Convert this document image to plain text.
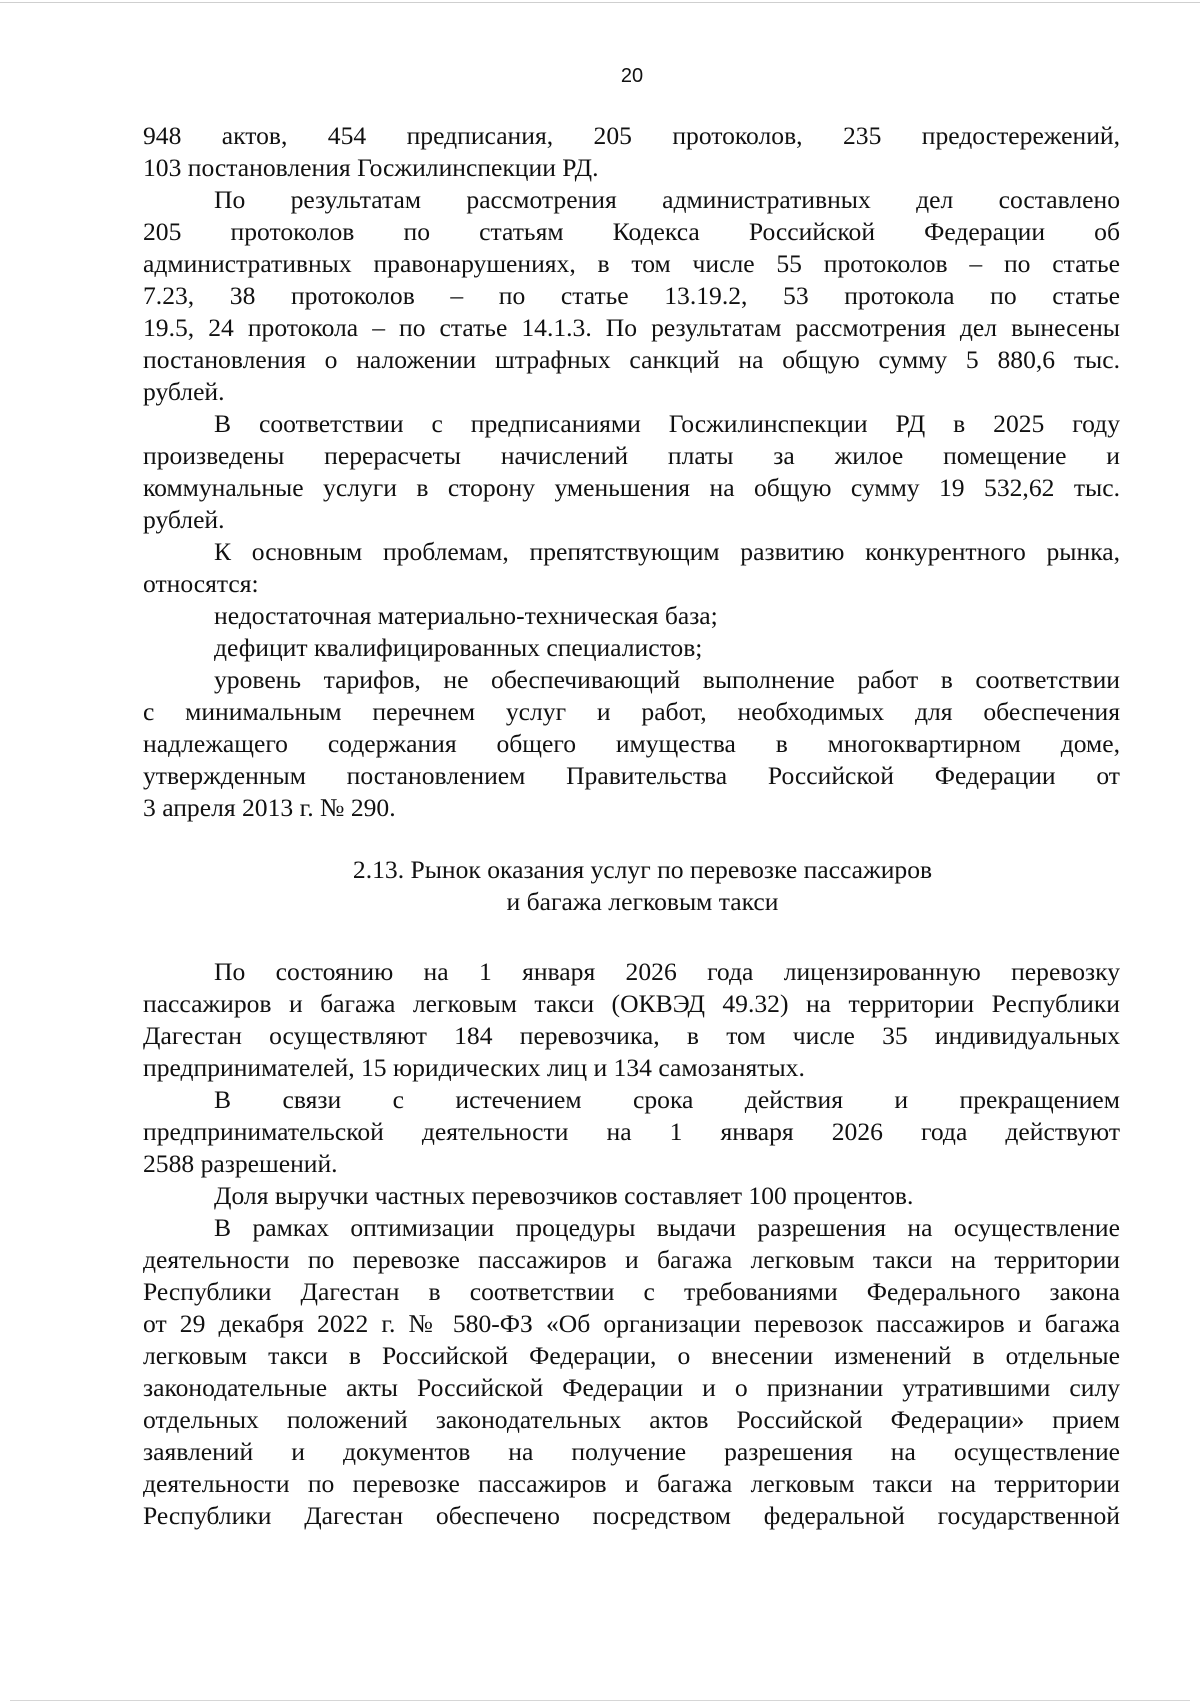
20

948 актов, 454 предписания, 205 протоколов, 235 предостережений,

103 постановления Госжилинспекции РД.

По результатам рассмотрения административных дел составлено

205 протоколов по статьям Кодекса Российской Федерации об

административных правонарушениях, в том числе 55 протоколов – по статье

7.23, 38 протоколов – по статье 13.19.2, 53 протокола по статье

19.5, 24 протокола – по статье 14.1.3. По результатам рассмотрения дел вынесены

постановления о наложении штрафных санкций на общую сумму 5 880,6 тыс.

рублей.

В соответствии с предписаниями Госжилинспекции РД в 2025 году

произведены перерасчеты начислений платы за жилое помещение и

коммунальные услуги в сторону уменьшения на общую сумму 19 532,62 тыс.

рублей.

К основным проблемам, препятствующим развитию конкурентного рынка,

относятся:

недостаточная материально-техническая база;

дефицит квалифицированных специалистов;

уровень тарифов, не обеспечивающий выполнение работ в соответствии

с минимальным перечнем услуг и работ, необходимых для обеспечения

надлежащего содержания общего имущества в многоквартирном доме,

утвержденным постановлением Правительства Российской Федерации от

3 апреля 2013 г. № 290.

2.13. Рынок оказания услуг по перевозке пассажиров
и багажа легковым такси

По состоянию на 1 января 2026 года лицензированную перевозку

пассажиров и багажа легковым такси (ОКВЭД 49.32) на территории Республики

Дагестан осуществляют 184 перевозчика, в том числе 35 индивидуальных

предпринимателей, 15 юридических лиц и 134 самозанятых.

В связи с истечением срока действия и прекращением

предпринимательской деятельности на 1 января 2026 года действуют

2588 разрешений.

Доля выручки частных перевозчиков составляет 100 процентов.

В рамках оптимизации процедуры выдачи разрешения на осуществление

деятельности по перевозке пассажиров и багажа легковым такси на территории

Республики Дагестан в соответствии с требованиями Федерального закона

от 29 декабря 2022 г. № 580-ФЗ «Об организации перевозок пассажиров и багажа

легковым такси в Российской Федерации, о внесении изменений в отдельные

законодательные акты Российской Федерации и о признании утратившими силу

отдельных положений законодательных актов Российской Федерации» прием

заявлений и документов на получение разрешения на осуществление

деятельности по перевозке пассажиров и багажа легковым такси на территории

Республики Дагестан обеспечено посредством федеральной государственной
